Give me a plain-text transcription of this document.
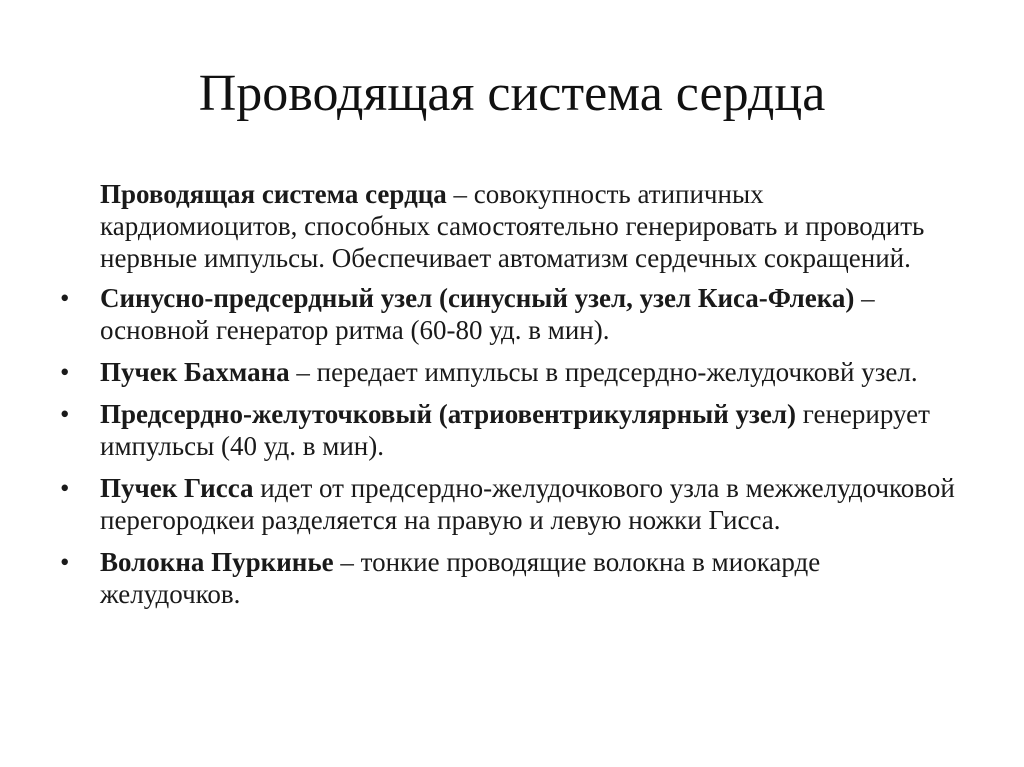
Проводящая система сердца

Проводящая система сердца – совокупность атипичных кардиомиоцитов, способных самостоятельно генерировать и проводить нервные импульсы. Обеспечивает автоматизм сердечных сокращений.

•	Синусно-предсердный узел (синусный узел, узел Киса-Флека) – основной генератор ритма (60-80 уд. в мин).
•	Пучек Бахмана – передает импульсы в предсердно-желудочковй узел.
•	Предсердно-желуточковый (атриовентрикулярный узел) генерирует импульсы (40 уд. в мин).
•	Пучек Гисса идет от предсердно-желудочкового узла в межжелудочковой перегородкеи разделяется на правую и левую ножки Гисса.
•	Волокна Пуркинье – тонкие проводящие волокна в миокарде желудочков.
